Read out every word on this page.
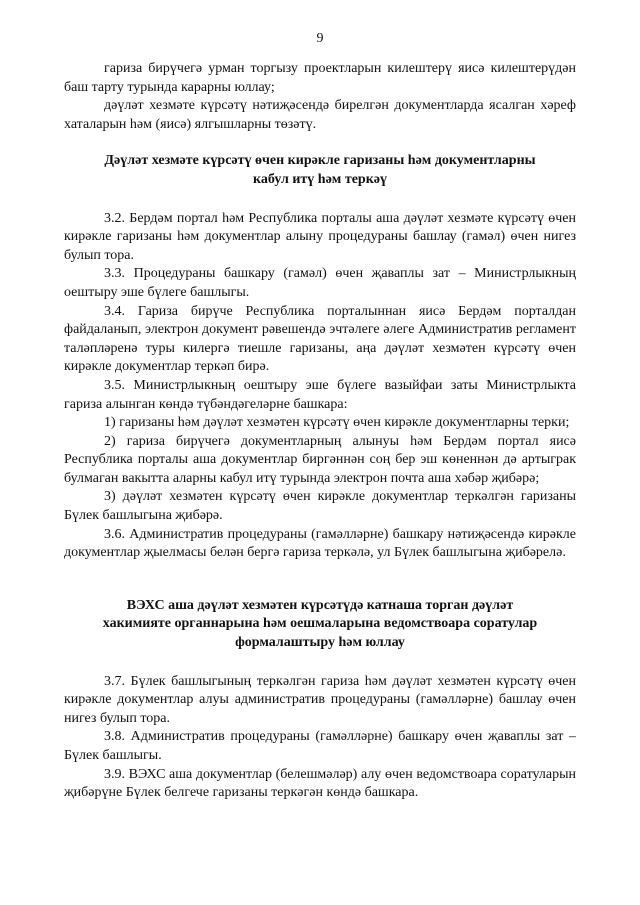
9

гариза бирүчегә урман торгызу проектларын килештерү яисә килештерүдән баш тарту турында карарны юллау;

дәүләт хезмәте күрсәтү нәтиҗәсендә бирелгән документларда ясалган хәреф хаталарын һәм (яисә) ялгышларны төзәтү.

Дәүләт хезмәте күрсәтү өчен кирәкле гаризаны һәм документларны

кабул итү һәм теркәү

3.2. Бердәм портал һәм Республика порталы аша дәүләт хезмәте күрсәтү өчен кирәкле гаризаны һәм документлар алыну процедураны башлау (гамәл) өчен нигез булып тора.

3.3. Процедураны башкару (гамәл) өчен җаваплы зат – Министрлыкның оештыру эше бүлеге башлыгы.

3.4. Гариза бирүче Республика порталыннан яисә Бердәм порталдан файдаланып, электрон документ рәвешендә эчтәлеге әлеге Административ регламент таләпләренә туры килергә тиешле гаризаны, аңа дәүләт хезмәтен күрсәтү өчен кирәкле документлар теркәп бирә.

3.5. Министрлыкның оештыру эше бүлеге вазыйфаи заты Министрлыкта гариза алынган көндә түбәндәгеләрне башкара:

1) гаризаны һәм дәүләт хезмәтен күрсәтү өчен кирәкле документларны терки;

2) гариза бирүчегә документларның алынуы һәм Бердәм портал яисә Республика порталы аша документлар биргәннән соң бер эш көненнән дә артыграк булмаган вакытта аларны кабул итү турында электрон почта аша хәбәр җибәрә;

3) дәүләт хезмәтен күрсәтү өчен кирәкле документлар теркәлгән гаризаны Бүлек башлыгына җибәрә.

3.6. Административ процедураны (гамәлләрне) башкару нәтиҗәсендә кирәкле документлар җыелмасы белән бергә гариза теркәлә, ул Бүлек башлыгына җибәрелә.

ВЭХС аша дәүләт хезмәтен күрсәтүдә катнаша торган дәүләт

хакимияте органнарына һәм оешмаларына ведомствоара соратулар

формалаштыру һәм юллау

3.7. Бүлек башлыгының теркәлгән гариза һәм дәүләт хезмәтен күрсәтү өчен кирәкле документлар алуы административ процедураны (гамәлләрне) башлау өчен нигез булып тора.

3.8. Административ процедураны (гамәлләрне) башкару өчен җаваплы зат – Бүлек башлыгы.

3.9. ВЭХС аша документлар (белешмәләр) алу өчен ведомствоара соратуларын җибәрүне Бүлек белгече гаризаны теркәгән көндә башкара.
